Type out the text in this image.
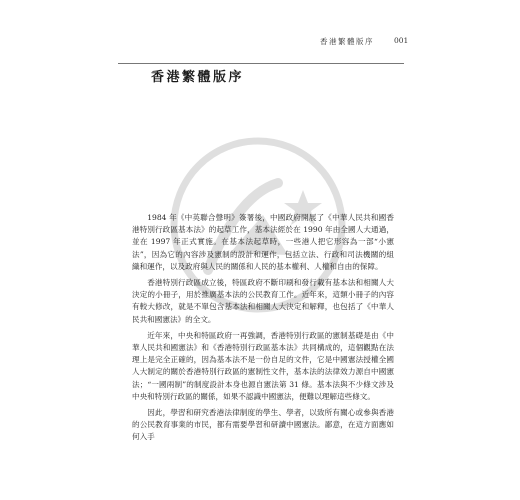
香港繁體版序	001
香港繁體版序

1984 年《中英聯合聲明》簽署後，中國政府開展了《中華人民共和國香港特別行政區基本法》的起草工作，基本法經於在 1990 年由全國人大通過，並在 1997 年正式實施。在基本法起草時，一些港人把它形容為一部“小憲法”，因為它的內容涉及憲制的設計和運作，包括立法、行政和司法機關的組織和運作，以及政府與人民的關係和人民的基本權利、人權和自由的保障。

香港特別行政區成立後，特區政府不斷印刷和發行載有基本法和相關人大決定的小冊子，用於推廣基本法的公民教育工作。近年來，這類小冊子的內容有較大修改，就是不單包含基本法和相關人大決定和解釋，也包括了《中華人民共和國憲法》的全文。

近年來，中央和特區政府一再強調，香港特別行政區的憲制基礎是由《中華人民共和國憲法》和《香港特別行政區基本法》共同構成的，這個觀點在法理上是完全正確的，因為基本法不是一份自足的文件，它是中國憲法授權全國人大制定的關於香港特別行政區的憲制性文件，基本法的法律效力源自中國憲法；“一國兩制”的制度設計本身也源自憲法第 31 條。基本法與不少條文涉及中央和特別行政區的關係，如果不認識中國憲法，便難以理解這些條文。

因此，學習和研究香港法律制度的學生、學者，以致所有關心或參與香港的公民教育事業的市民，都有需要學習和研讀中國憲法。鄙意，在這方面應如何入手
